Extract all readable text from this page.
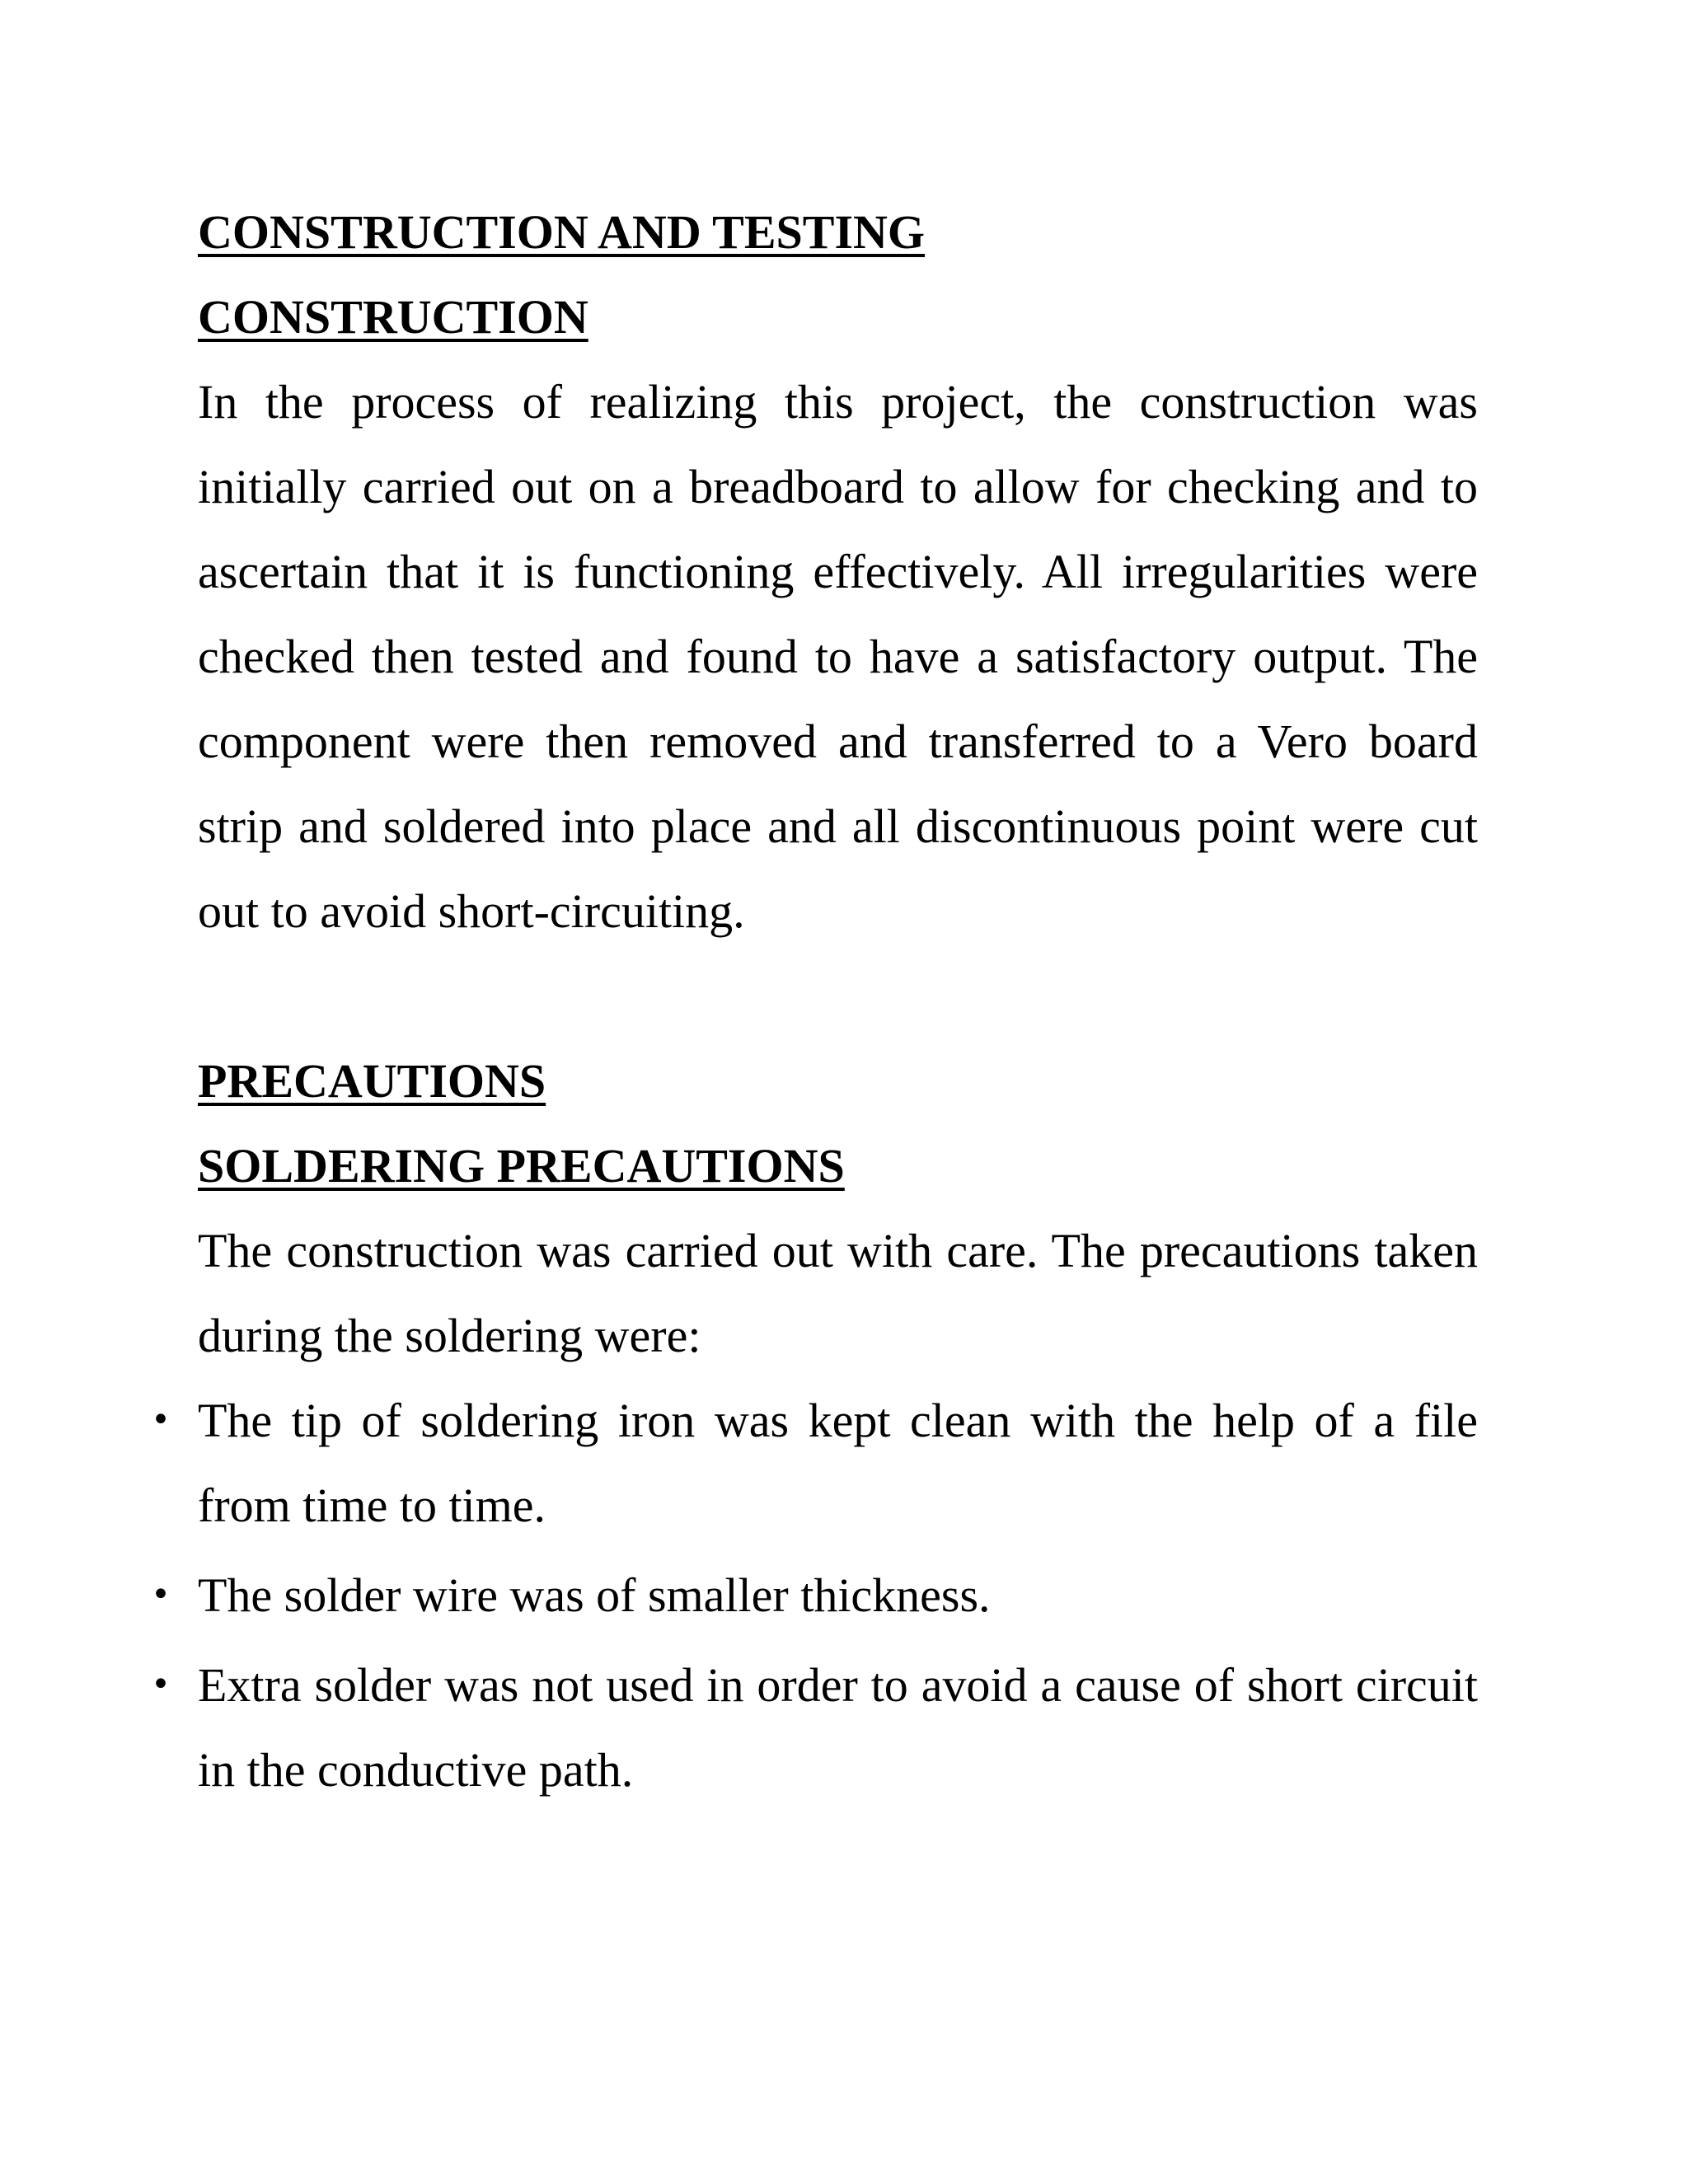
CONSTRUCTION AND TESTING
CONSTRUCTION

In the process of realizing this project, the construction was initially carried out on a breadboard to allow for checking and to ascertain that it is functioning effectively. All irregularities were checked then tested and found to have a satisfactory output. The component were then removed and transferred to a Vero board strip and soldered into place and all discontinuous point were cut out to avoid short-circuiting.

PRECAUTIONS
SOLDERING PRECAUTIONS

The construction was carried out with care. The precautions taken during the soldering were:

• The tip of soldering iron was kept clean with the help of a file from time to time.
• The solder wire was of smaller thickness.
• Extra solder was not used in order to avoid a cause of short circuit in the conductive path.
